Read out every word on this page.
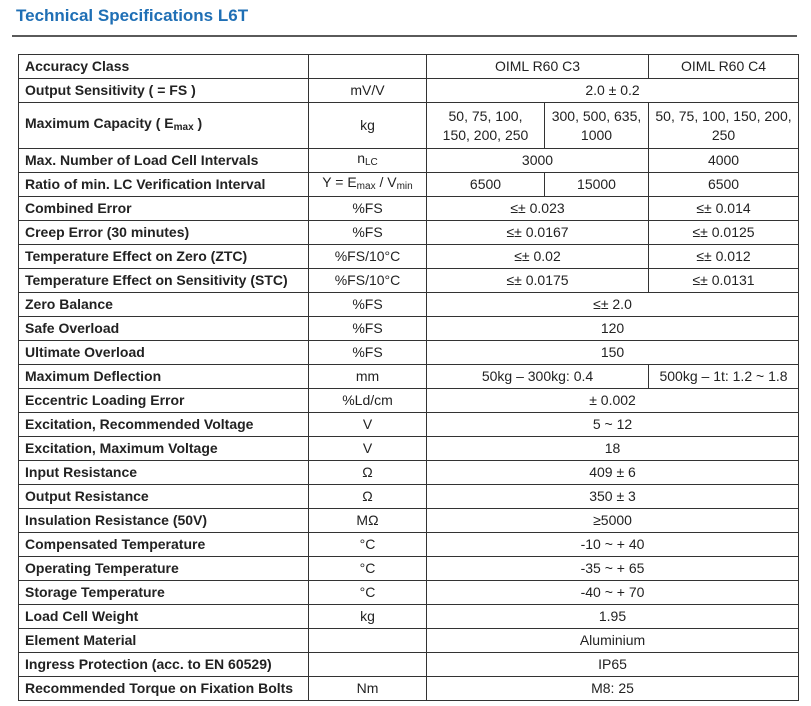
Technical Specifications L6T
Accuracy Class		OIML R60 C3		OIML R60 C4
Output Sensitivity ( = FS )	mV/V	2.0 ± 0.2		
Maximum Capacity ( $E_{max}$ )	kg	50, 75, 100, 150, 200, 250	300, 500, 635, 1000	50, 75, 100, 150, 200, 250
Max. Number of Load Cell Intervals	$n_{LC}$	3000		4000
Ratio of min. LC Verification Interval	$Y = E_{max} / V_{min}$	6500	15000	6500
Combined Error	%FS	≤± 0.023		≤± 0.014
Creep Error (30 minutes)	%FS	≤± 0.0167		≤± 0.0125
Temperature Effect on Zero (ZTC)	%FS/10°C	≤± 0.02		≤± 0.012
Temperature Effect on Sensitivity (STC)	%FS/10°C	≤± 0.0175		≤± 0.0131
Zero Balance	%FS	≤± 2.0		
Safe Overload	%FS	120		
Ultimate Overload	%FS	150		
Maximum Deflection	mm	50kg – 300kg: 0.4		500kg – 1t: 1.2 ~ 1.8
Eccentric Loading Error	%Ld/cm	± 0.002		
Excitation, Recommended Voltage	V	5 ~ 12		
Excitation, Maximum Voltage	V	18		
Input Resistance	Ω	409 ± 6		
Output Resistance	Ω	350 ± 3		
Insulation Resistance (50V)	MΩ	≥5000		
Compensated Temperature	°C	-10 ~ + 40		
Operating Temperature	°C	-35 ~ + 65		
Storage Temperature	°C	-40 ~ + 70		
Load Cell Weight	kg	1.95		
Element Material		Aluminium		
Ingress Protection (acc. to EN 60529)		IP65		
Recommended Torque on Fixation Bolts	Nm	M8: 25		
